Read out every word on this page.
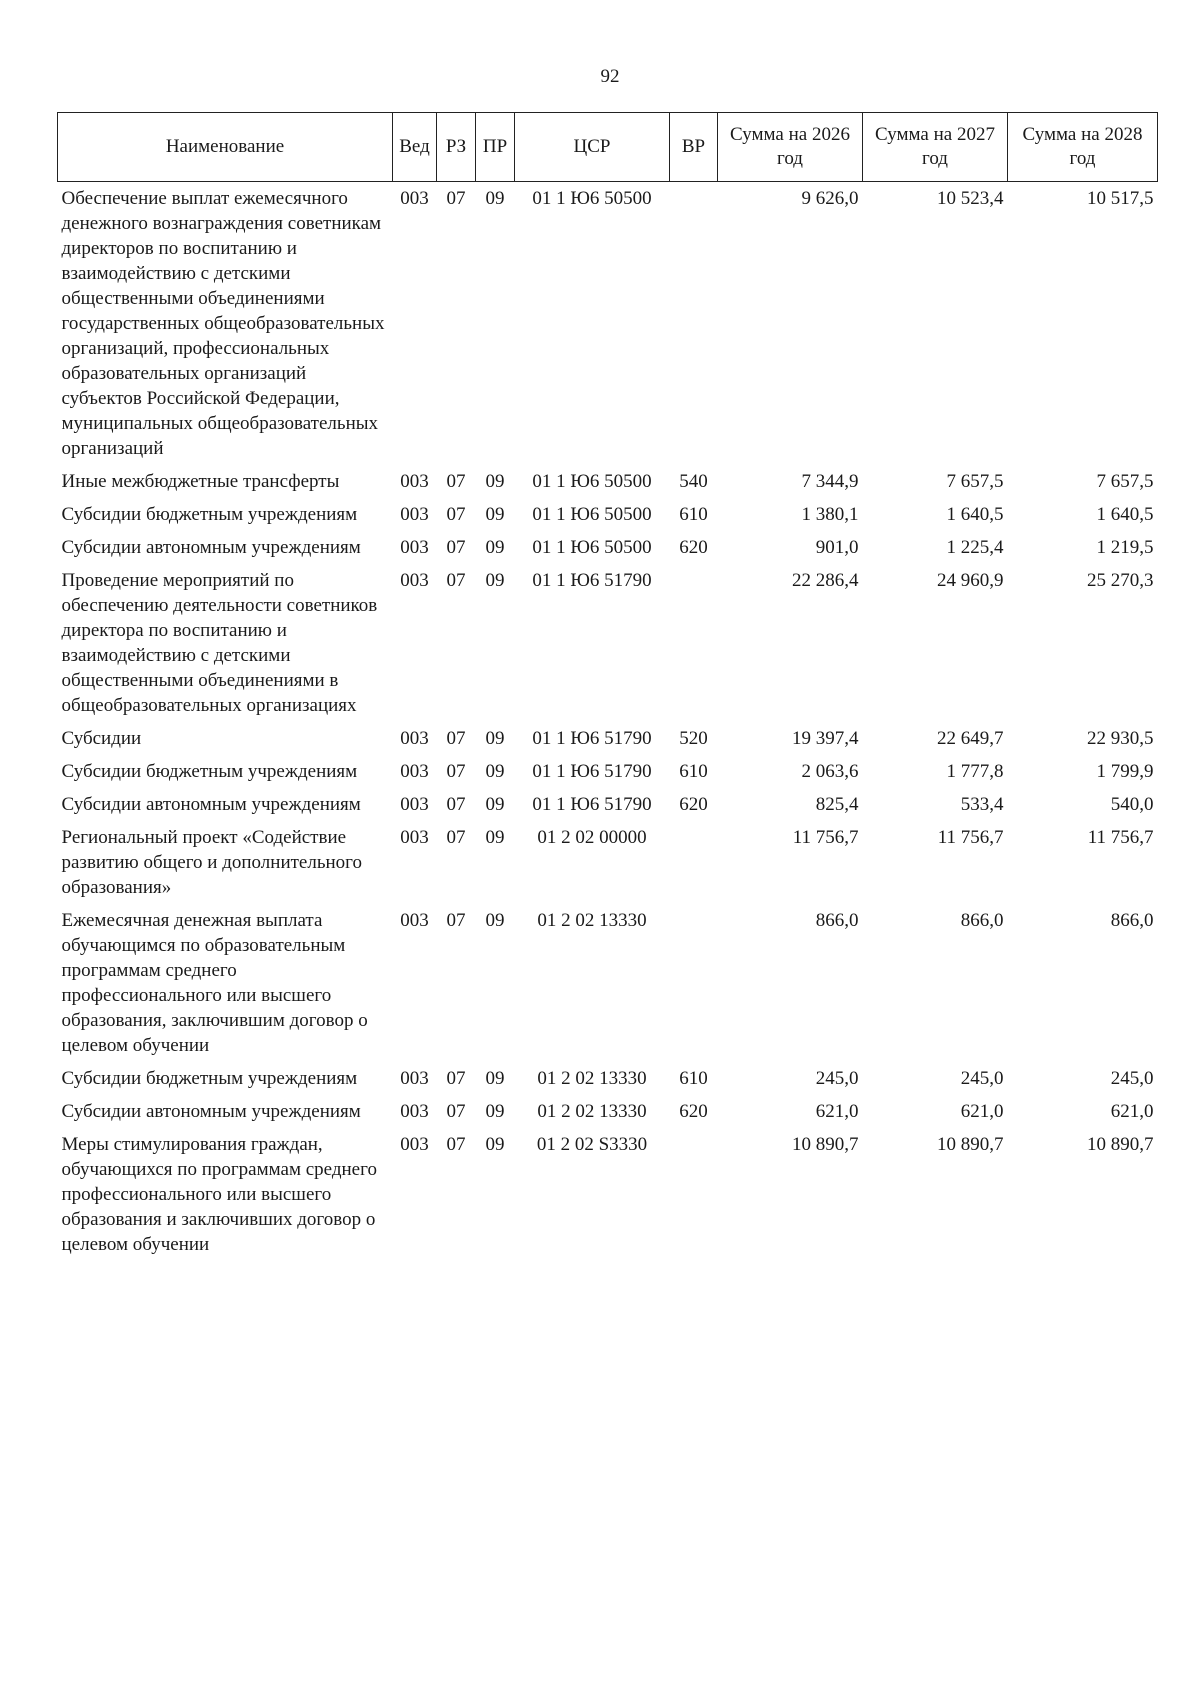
92
Наименование	Вед	РЗ	ПР	ЦСР	ВР	Сумма на 2026 год	Сумма на 2027 год	Сумма на 2028 год
Обеспечение выплат ежемесячного денежного вознаграждения советникам директоров по воспитанию и взаимодействию с детскими общественными объединениями государственных общеобразовательных организаций, профессиональных образовательных организаций субъектов Российской Федерации, муниципальных общеобразовательных организаций	003	07	09	01 1 Ю6 50500		9 626,0	10 523,4	10 517,5
Иные межбюджетные трансферты	003	07	09	01 1 Ю6 50500	540	7 344,9	7 657,5	7 657,5
Субсидии бюджетным учреждениям	003	07	09	01 1 Ю6 50500	610	1 380,1	1 640,5	1 640,5
Субсидии автономным учреждениям	003	07	09	01 1 Ю6 50500	620	901,0	1 225,4	1 219,5
Проведение мероприятий по обеспечению деятельности советников директора по воспитанию и взаимодействию с детскими общественными объединениями в общеобразовательных организациях	003	07	09	01 1 Ю6 51790		22 286,4	24 960,9	25 270,3
Субсидии	003	07	09	01 1 Ю6 51790	520	19 397,4	22 649,7	22 930,5
Субсидии бюджетным учреждениям	003	07	09	01 1 Ю6 51790	610	2 063,6	1 777,8	1 799,9
Субсидии автономным учреждениям	003	07	09	01 1 Ю6 51790	620	825,4	533,4	540,0
Региональный проект «Содействие развитию общего и дополнительного образования»	003	07	09	01 2 02 00000		11 756,7	11 756,7	11 756,7
Ежемесячная денежная выплата обучающимся по образовательным программам среднего профессионального или высшего образования, заключившим договор о целевом обучении	003	07	09	01 2 02 13330		866,0	866,0	866,0
Субсидии бюджетным учреждениям	003	07	09	01 2 02 13330	610	245,0	245,0	245,0
Субсидии автономным учреждениям	003	07	09	01 2 02 13330	620	621,0	621,0	621,0
Меры стимулирования граждан, обучающихся по программам среднего профессионального или высшего образования и заключивших договор о целевом обучении	003	07	09	01 2 02 S3330		10 890,7	10 890,7	10 890,7
